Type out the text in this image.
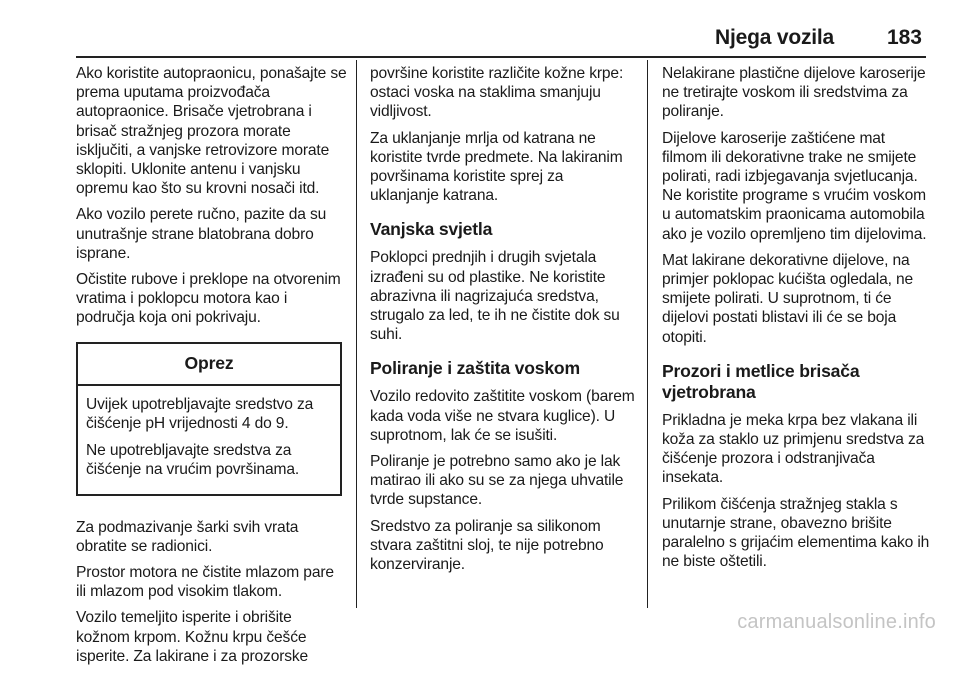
Njega vozila	183

Ako koristite autopraonicu, ponašajte se prema uputama proizvođača autopraonice. Brisače vjetrobrana i brisač stražnjeg prozora morate isključiti, a vanjske retrovizore morate sklopiti. Uklonite antenu i vanjsku opremu kao što su krovni nosači itd.

Ako vozilo perete ručno, pazite da su unutrašnje strane blatobrana dobro isprane.

Očistite rubove i preklope na otvorenim vratima i poklopcu motora kao i područja koja oni pokrivaju.

Oprez

Uvijek upotrebljavajte sredstvo za čišćenje pH vrijednosti 4 do 9.

Ne upotrebljavajte sredstva za čišćenje na vrućim površinama.

Za podmazivanje šarki svih vrata obratite se radionici.

Prostor motora ne čistite mlazom pare ili mlazom pod visokim tlakom.

Vozilo temeljito isperite i obrišite kožnom krpom. Kožnu krpu češće isperite. Za lakirane i za prozorske

površine koristite različite kožne krpe: ostaci voska na staklima smanjuju vidljivost.

Za uklanjanje mrlja od katrana ne koristite tvrde predmete. Na lakiranim površinama koristite sprej za uklanjanje katrana.

Vanjska svjetla

Poklopci prednjih i drugih svjetala izrađeni su od plastike. Ne koristite abrazivna ili nagrizajuća sredstva, strugalo za led, te ih ne čistite dok su suhi.

Poliranje i zaštita voskom

Vozilo redovito zaštitite voskom (barem kada voda više ne stvara kuglice). U suprotnom, lak će se isušiti.

Poliranje je potrebno samo ako je lak matirao ili ako su se za njega uhvatile tvrde supstance.

Sredstvo za poliranje sa silikonom stvara zaštitni sloj, te nije potrebno konzerviranje.

Nelakirane plastične dijelove karoserije ne tretirajte voskom ili sredstvima za poliranje.

Dijelove karoserije zaštićene mat filmom ili dekorativne trake ne smijete polirati, radi izbjegavanja svjetlucanja. Ne koristite programe s vrućim voskom u automatskim praonicama automobila ako je vozilo opremljeno tim dijelovima.

Mat lakirane dekorativne dijelove, na primjer poklopac kućišta ogledala, ne smijete polirati. U suprotnom, ti će dijelovi postati blistavi ili će se boja otopiti.

Prozori i metlice brisača vjetrobrana

Prikladna je meka krpa bez vlakana ili koža za staklo uz primjenu sredstva za čišćenje prozora i odstranjivača insekata.

Prilikom čišćenja stražnjeg stakla s unutarnje strane, obavezno brišite paralelno s grijaćim elementima kako ih ne biste oštetili.

carmanualsonline.info
